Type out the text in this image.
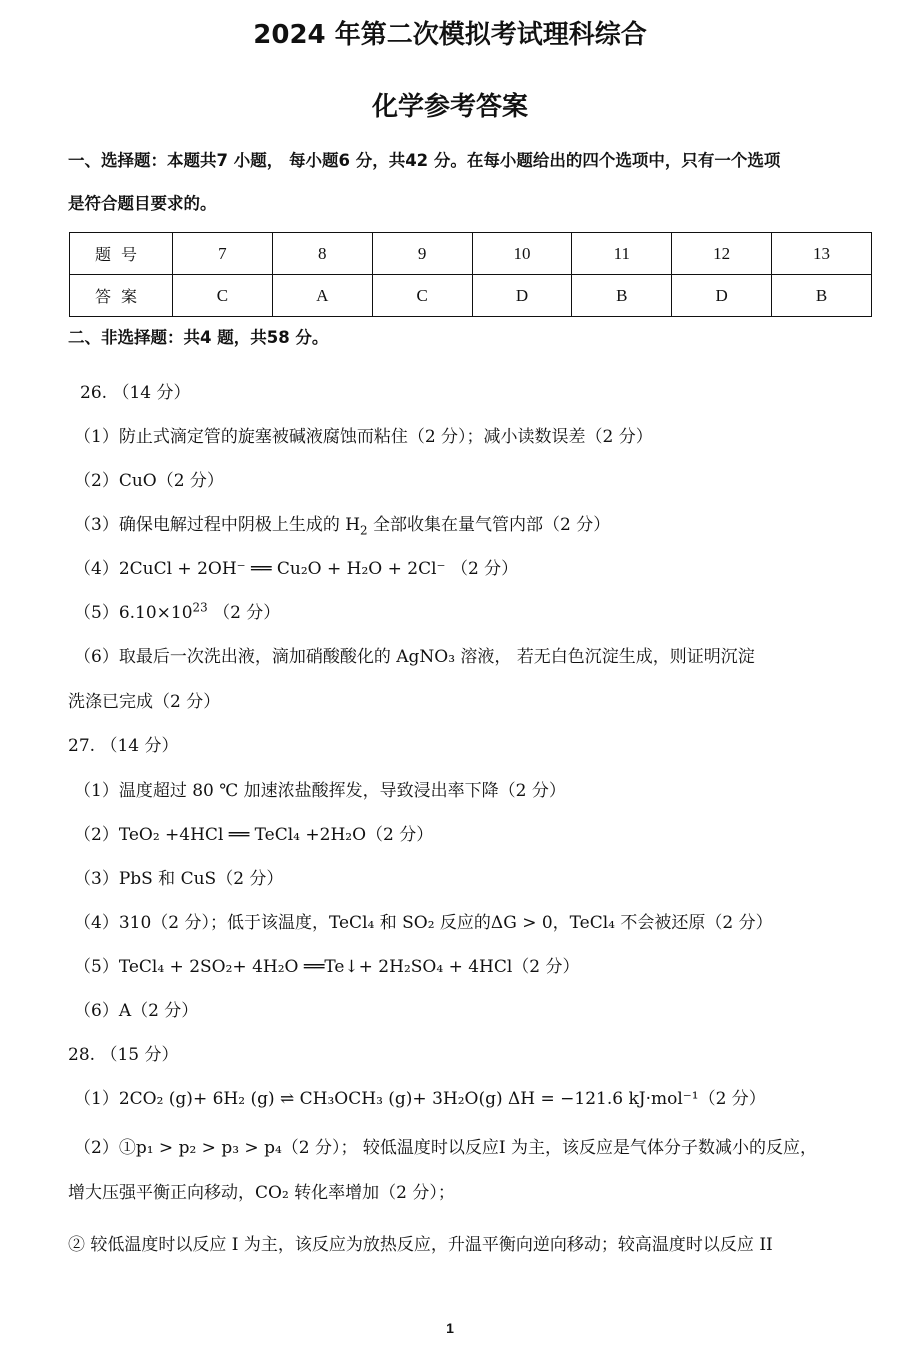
2024 年第二次模拟考试理科综合
化学参考答案
一、选择题：本题共7 小题， 每小题6 分，共42 分。在每小题给出的四个选项中，只有一个选项
是符合题目要求的。
题号	7	8	9	10	11	12	13
答案	C	A	C	D	B	D	B
二、非选择题：共4 题，共58 分。
26. （14 分）
（1）防止式滴定管的旋塞被碱液腐蚀而粘住（2 分）；减小读数误差（2 分）
（2）CuO（2 分）
（3）确保电解过程中阴极上生成的 $H_2$ 全部收集在量气管内部（2 分）
（4）2CuCl + 2OH⁻ ══ Cu₂O + H₂O + 2Cl⁻ （2 分）
$(5)6.10\times 10^{23}$ （2 分）
（6）取最后一次洗出液，滴加硝酸酸化的 AgNO₃ 溶液， 若无白色沉淀生成，则证明沉淀
洗涤已完成（2 分）
27. （14 分）
（1）温度超过 80 ℃ 加速浓盐酸挥发，导致浸出率下降（2 分）
（2）TeO₂ +4HCl ══ TeCl₄ +2H₂O（2 分）
（3）PbS 和 CuS（2 分）
（4）310（2 分）；低于该温度，TeCl₄ 和 SO₂ 反应的ΔG > 0，TeCl₄ 不会被还原（2 分）
（5）TeCl₄ + 2SO₂+ 4H₂O ══Te↓+ 2H₂SO₄ + 4HCl（2 分）
（6）A（2 分）
28. （15 分）
（1）2CO₂ (g)+ 6H₂ (g) ⇌ CH₃OCH₃ (g)+ 3H₂O(g) ΔH = −121.6 kJ·mol⁻¹（2 分）
（2）①p₁ > p₂ > p₃ > p₄（2 分）； 较低温度时以反应I 为主，该反应是气体分子数减小的反应，
增大压强平衡正向移动，CO₂ 转化率增加（2 分）；
② 较低温度时以反应 I 为主，该反应为放热反应，升温平衡向逆向移动；较高温度时以反应 II
1
